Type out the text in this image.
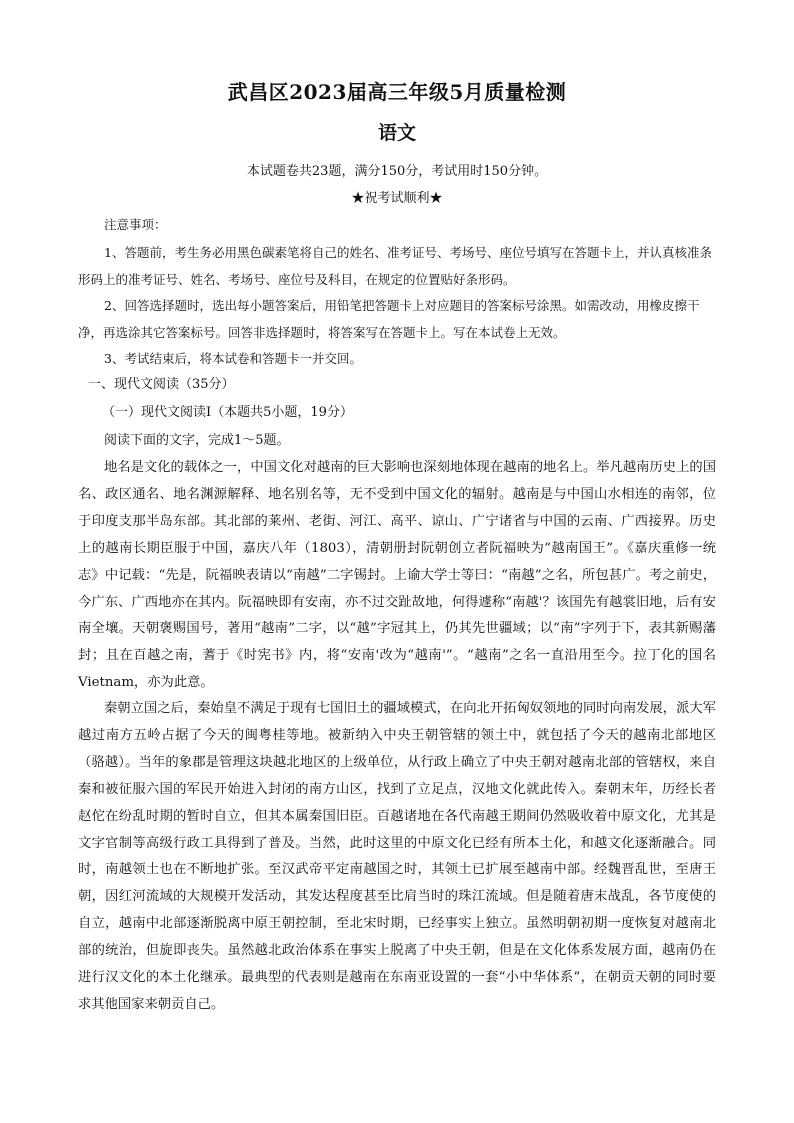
武昌区2023届高三年级5月质量检测
语文
本试题卷共23题，满分150分，考试用时150分钟。
★祝考试顺利★

注意事项：

1、答题前，考生务必用黑色碳素笔将自己的姓名、准考证号、考场号、座位号填写在答题卡上，并认真核准条形码上的准考证号、姓名、考场号、座位号及科目，在规定的位置贴好条形码。

2、回答选择题时，选出每小题答案后，用铅笔把答题卡上对应题目的答案标号涂黑。如需改动，用橡皮擦干净，再选涂其它答案标号。回答非选择题时，将答案写在答题卡上。写在本试卷上无效。

3、考试结束后，将本试卷和答题卡一并交回。

一、现代文阅读（35分）

（一）现代文阅读I（本题共5小题，19分）

阅读下面的文字，完成1～5题。

地名是文化的载体之一，中国文化对越南的巨大影响也深刻地体现在越南的地名上。举凡越南历史上的国名、政区通名、地名渊源解释、地名别名等，无不受到中国文化的辐射。越南是与中国山水相连的南邻，位于印度支那半岛东部。其北部的莱州、老街、河江、高平、谅山、广宁诸省与中国的云南、广西接界。历史上的越南长期臣服于中国，嘉庆八年（1803），清朝册封阮朝创立者阮福映为“越南国王”。《嘉庆重修一统志》中记载：“先是，阮福映表请以“南越”二字锡封。上谕大学士等曰：“南越”之名，所包甚广。考之前史，今广东、广西地亦在其内。阮福映即有安南，亦不过交趾故地，何得遽称“南越'？该国先有越裳旧地，后有安南全壤。天朝褒赐国号，著用“越南”二字，以“越”字冠其上，仍其先世疆域；以“南”字列于下，表其新赐藩封；且在百越之南，蓍于《时宪书》内，将“安南'改为“越南'”。“越南”之名一直沿用至今。拉丁化的国名Vietnam，亦为此意。

秦朝立国之后，秦始皇不满足于现有七国旧土的疆域模式，在向北开拓匈奴领地的同时向南发展，派大军越过南方五岭占据了今天的闽粤桂等地。被新纳入中央王朝管辖的领土中，就包括了今天的越南北部地区（骆越）。当年的象郡是管理这块越北地区的上级单位，从行政上确立了中央王朝对越南北部的管辖权，来自秦和被征服六国的军民开始进入封闭的南方山区，找到了立足点，汉地文化就此传入。秦朝末年，历经长者赵佗在纷乱时期的暂时自立，但其本属秦国旧臣。百越诸地在各代南越王期间仍然吸收着中原文化，尤其是文字官制等高级行政工具得到了普及。当然，此时这里的中原文化已经有所本土化，和越文化逐渐融合。同时，南越领土也在不断地扩张。至汉武帝平定南越国之时，其领土已扩展至越南中部。经魏晋乱世，至唐王朝，因红河流域的大规模开发活动，其发达程度甚至比肩当时的珠江流域。但是随着唐末战乱，各节度使的自立，越南中北部逐渐脱离中原王朝控制，至北宋时期，已经事实上独立。虽然明朝初期一度恢复对越南北部的统治，但旋即丧失。虽然越北政治体系在事实上脱离了中央王朝，但是在文化体系发展方面，越南仍在进行汉文化的本土化继承。最典型的代表则是越南在东南亚设置的一套“小中华体系”，在朝贡天朝的同时要求其他国家来朝贡自己。
